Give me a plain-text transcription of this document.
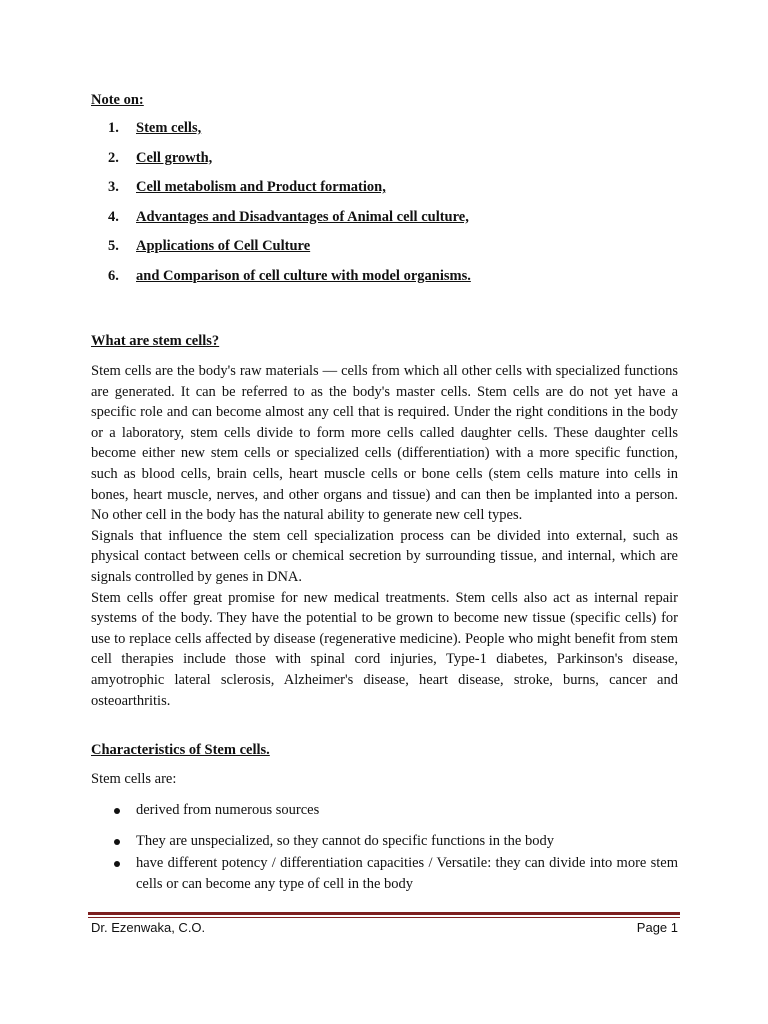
Note on:
1.	Stem cells,
2.	Cell growth,
3.	Cell metabolism and Product formation,
4.	Advantages and Disadvantages of Animal cell culture,
5.	Applications of Cell Culture
6.	and Comparison of cell culture with model organisms.
What are stem cells?

Stem cells are the body's raw materials — cells from which all other cells with specialized functions are generated. It can be referred to as the body's master cells. Stem cells are do not yet have a specific role and can become almost any cell that is required. Under the right conditions in the body or a laboratory, stem cells divide to form more cells called daughter cells. These daughter cells become either new stem cells or specialized cells (differentiation) with a more specific function, such as blood cells, brain cells, heart muscle cells or bone cells (stem cells mature into cells in bones, heart muscle, nerves, and other organs and tissue) and can then be implanted into a person. No other cell in the body has the natural ability to generate new cell types.

Signals that influence the stem cell specialization process can be divided into external, such as physical contact between cells or chemical secretion by surrounding tissue, and internal, which are signals controlled by genes in DNA.

Stem cells offer great promise for new medical treatments. Stem cells also act as internal repair systems of the body. They have the potential to be grown to become new tissue (specific cells) for use to replace cells affected by disease (regenerative medicine). People who might benefit from stem cell therapies include those with spinal cord injuries, Type-1 diabetes, Parkinson's disease, amyotrophic lateral sclerosis, Alzheimer's disease, heart disease, stroke, burns, cancer and osteoarthritis.

Characteristics of Stem cells.
Stem cells are:
derived from numerous sources
They are unspecialized, so they cannot do specific functions in the body
have different potency / differentiation capacities / Versatile: they can divide into more stem cells or can become any type of cell in the body
Dr. Ezenwaka, C.O.	Page 1
